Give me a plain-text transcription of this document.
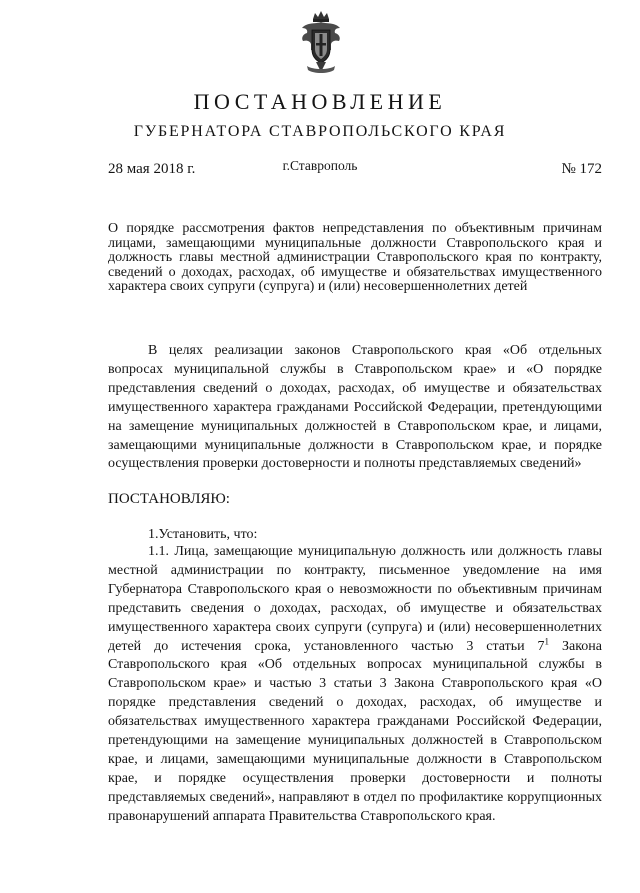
ПОСТАНОВЛЕНИЕ
ГУБЕРНАТОРА СТАВРОПОЛЬСКОГО КРАЯ
28 мая 2018 г.	г.Ставрополь	№ 172
О порядке рассмотрения фактов непредставления по объективным причинам лицами, замещающими муниципальные должности Ставропольского края и должность главы местной администрации Ставропольского края по контракту, сведений о доходах, расходах, об имуществе и обязательствах имущественного характера своих супруги (супруга) и (или) несовершеннолетних детей
В целях реализации законов Ставропольского края «Об отдельных вопросах муниципальной службы в Ставропольском крае» и «О порядке представления сведений о доходах, расходах, об имуществе и обязательствах имущественного характера гражданами Российской Федерации, претендующими на замещение муниципальных должностей в Ставропольском крае, и лицами, замещающими муниципальные должности в Ставропольском крае, и порядке осуществления проверки достоверности и полноты представляемых сведений»
ПОСТАНОВЛЯЮ:
1.Установить, что:
1.1. Лица, замещающие муниципальную должность или должность главы местной администрации по контракту, письменное уведомление на имя Губернатора Ставропольского края о невозможности по объективным причинам представить сведения о доходах, расходах, об имуществе и обязательствах имущественного характера своих супруги (супруга) и (или) несовершеннолетних детей до истечения срока, установленного частью 3 статьи $7^1$ Закона Ставропольского края «Об отдельных вопросах муниципальной службы в Ставропольском крае» и частью 3 статьи 3 Закона Ставропольского края «О порядке представления сведений о доходах, расходах, об имуществе и обязательствах имущественного характера гражданами Российской Федерации, претендующими на замещение муниципальных должностей в Ставропольском крае, и лицами, замещающими муниципальные должности в Ставропольском крае, и порядке осуществления проверки достоверности и полноты представляемых сведений», направляют в отдел по профилактике коррупционных правонарушений аппарата Правительства Ставропольского края.
